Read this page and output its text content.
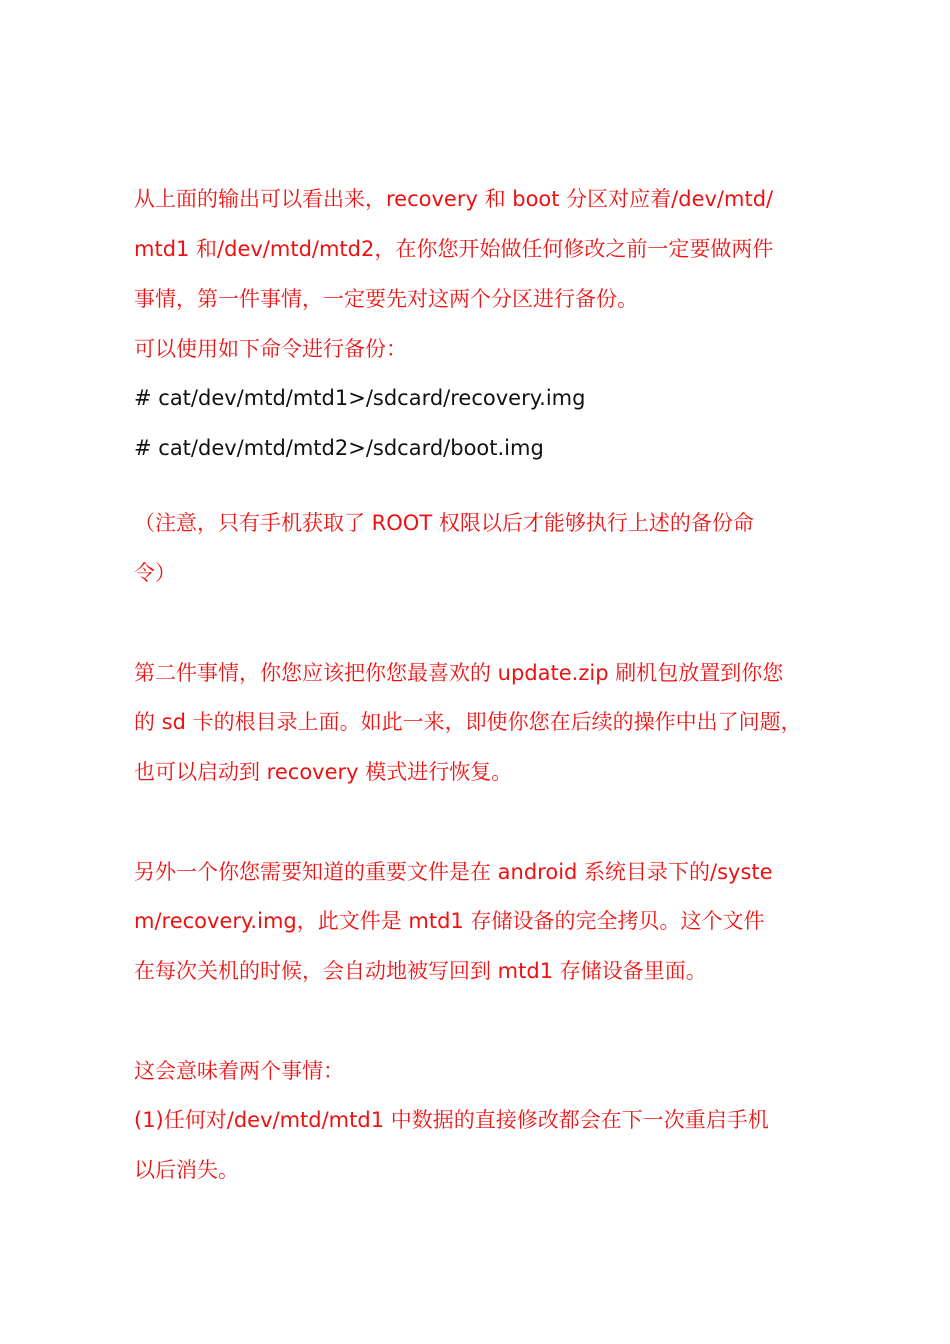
从上面的输出可以看出来，recovery 和 boot 分区对应着/dev/mtd/

mtd1 和/dev/mtd/mtd2，在你您开始做任何修改之前一定要做两件

事情，第一件事情，一定要先对这两个分区进行备份。

可以使用如下命令进行备份：

# cat/dev/mtd/mtd1>/sdcard/recovery.img

# cat/dev/mtd/mtd2>/sdcard/boot.img

（注意，只有手机获取了 ROOT 权限以后才能够执行上述的备份命

令）

第二件事情，你您应该把你您最喜欢的 update.zip 刷机包放置到你您

的 sd 卡的根目录上面。如此一来，即使你您在后续的操作中出了问题，

也可以启动到 recovery 模式进行恢复。

另外一个你您需要知道的重要文件是在 android 系统目录下的/syste

m/recovery.img，此文件是 mtd1 存储设备的完全拷贝。这个文件

在每次关机的时候，会自动地被写回到 mtd1 存储设备里面。

这会意味着两个事情：

(1)任何对/dev/mtd/mtd1 中数据的直接修改都会在下一次重启手机

以后消失。
